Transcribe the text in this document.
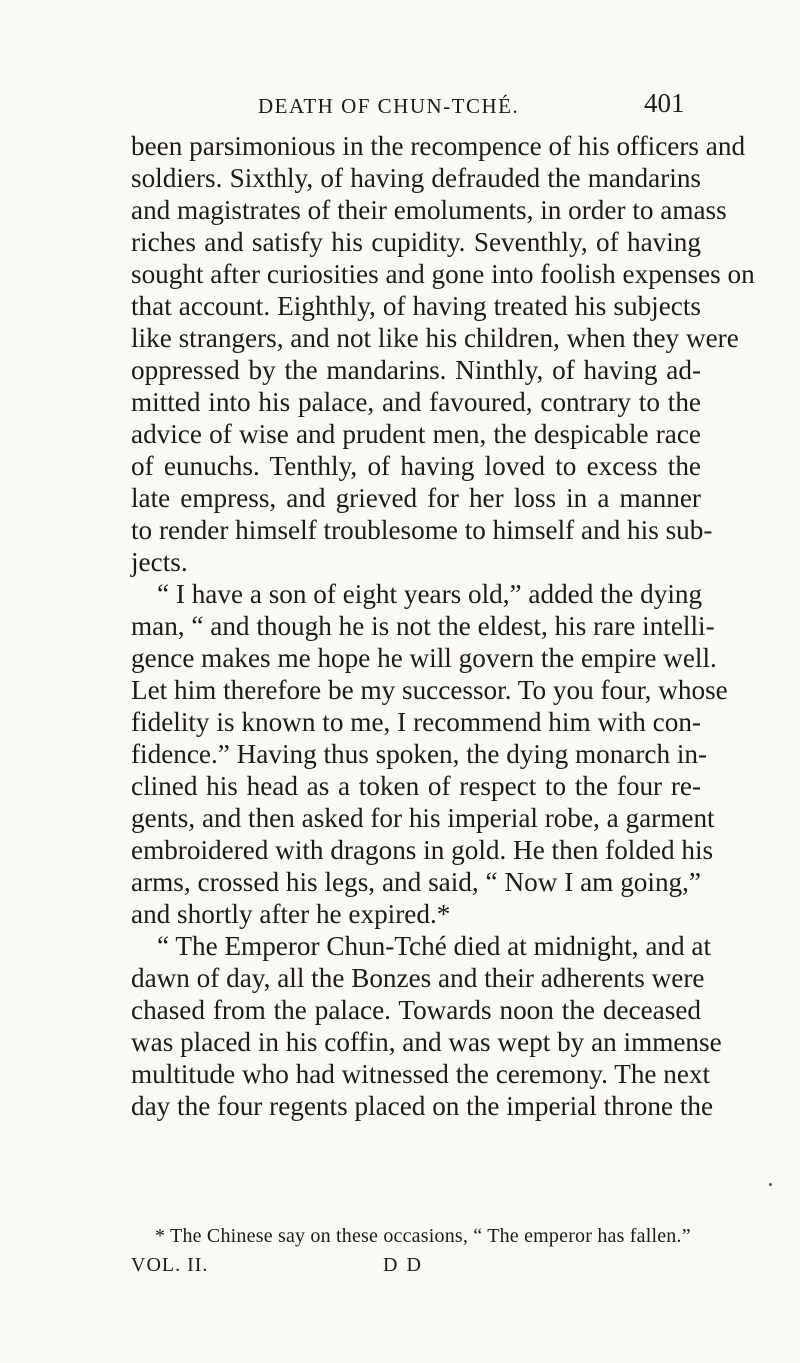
DEATH OF CHUN-TCHÉ.	401
been parsimonious in the recompence of his officers and
soldiers. Sixthly, of having defrauded the mandarins
and magistrates of their emoluments, in order to amass
riches and satisfy his cupidity. Seventhly, of having
sought after curiosities and gone into foolish expenses on
that account. Eighthly, of having treated his subjects
like strangers, and not like his children, when they were
oppressed by the mandarins. Ninthly, of having ad-
mitted into his palace, and favoured, contrary to the
advice of wise and prudent men, the despicable race
of eunuchs. Tenthly, of having loved to excess the
late empress, and grieved for her loss in a manner
to render himself troublesome to himself and his sub-
jects.
“ I have a son of eight years old,” added the dying
man, “ and though he is not the eldest, his rare intelli-
gence makes me hope he will govern the empire well.
Let him therefore be my successor. To you four, whose
fidelity is known to me, I recommend him with con-
fidence.” Having thus spoken, the dying monarch in-
clined his head as a token of respect to the four re-
gents, and then asked for his imperial robe, a garment
embroidered with dragons in gold. He then folded his
arms, crossed his legs, and said, “ Now I am going,”
and shortly after he expired.*
“ The Emperor Chun-Tché died at midnight, and at
dawn of day, all the Bonzes and their adherents were
chased from the palace. Towards noon the deceased
was placed in his coffin, and was wept by an immense
multitude who had witnessed the ceremony. The next
day the four regents placed on the imperial throne the
* The Chinese say on these occasions, “ The emperor has fallen.”
VOL. II.	D D
